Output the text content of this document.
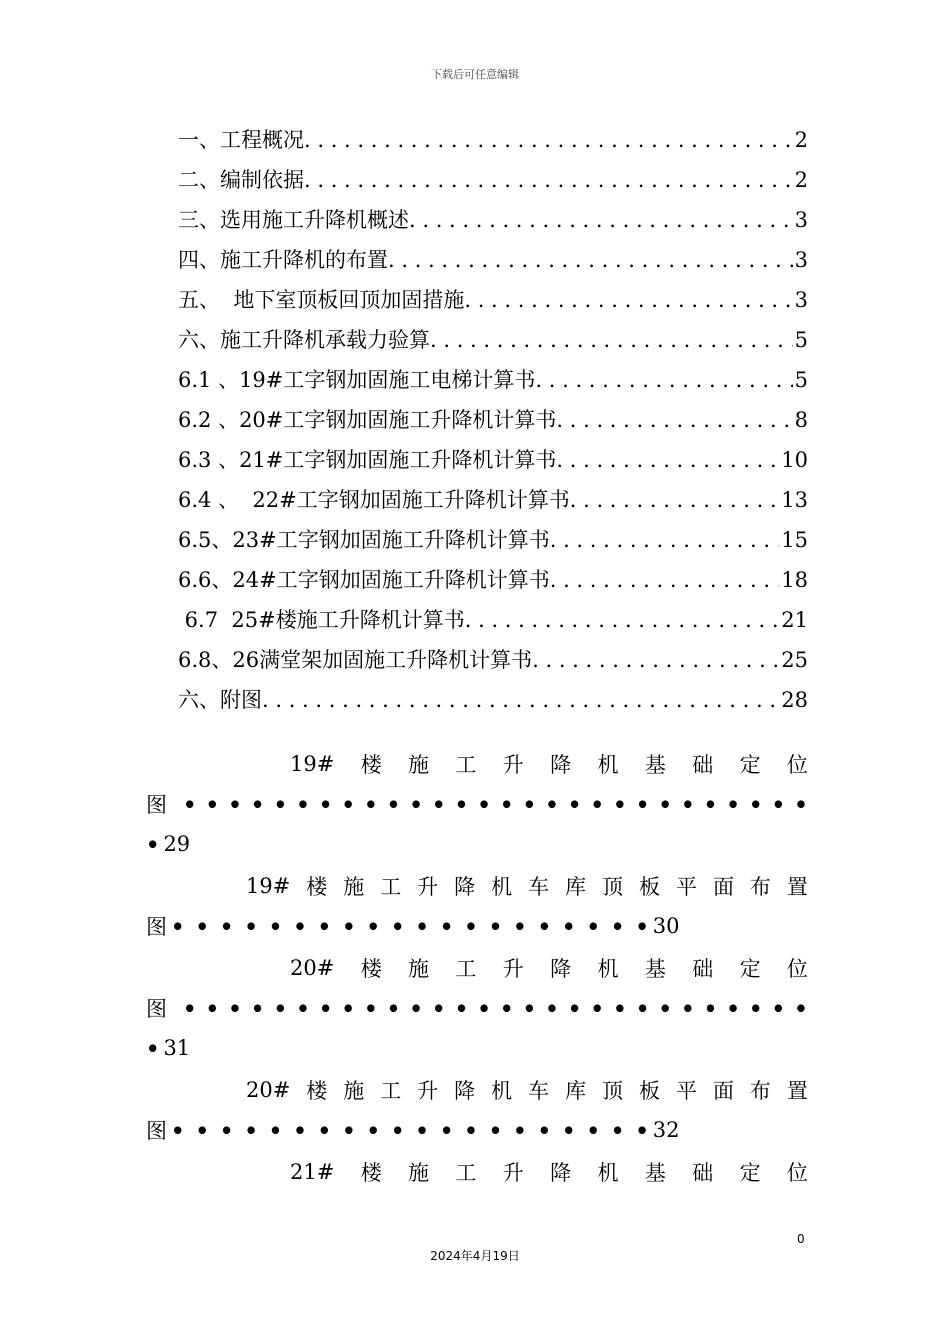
下载后可任意编辑
一、工程概况 . . .	2
二、编制依据 . . .	2
三、选用施工升降机概述 . . .	3
四、施工升降机的布置 . . .	3
五、  地下室顶板回顶加固措施 . . .	3
六、施工升降机承载力验算 . . .	5
6.1 、19#工字钢加固施工电梯计算书 . . .	5
6.2 、20#工字钢加固施工升降机计算书 . . .	8
6.3 、21#工字钢加固施工升降机计算书 . . .	10
6.4 、  22#工字钢加固施工升降机计算书 . . .	13
6.5、23#工字钢加固施工升降机计算书 . . .	15
6.6、24#工字钢加固施工升降机计算书 . . .	18
6.7  25#楼施工升降机计算书 . . .	21
6.8、26满堂架加固施工升降机计算书 . . .	25
六、附图 . . .	28
19# 楼 施 工 升 降 机 基 础 定 位
图 • • • • • • • • • • • • • • • • • • • • • • • • • • • •
• 29
19# 楼 施 工 升 降 机 车 库 顶 板 平 面 布 置
图 • • • • • • • • • • • • • • • • • • • • 30
20# 楼 施 工 升 降 机 基 础 定 位
图 • • • • • • • • • • • • • • • • • • • • • • • • • • • •
• 31
20# 楼 施 工 升 降 机 车 库 顶 板 平 面 布 置
图 • • • • • • • • • • • • • • • • • • • • 32
21# 楼 施 工 升 降 机 基 础 定 位
0
2024年4月19日
